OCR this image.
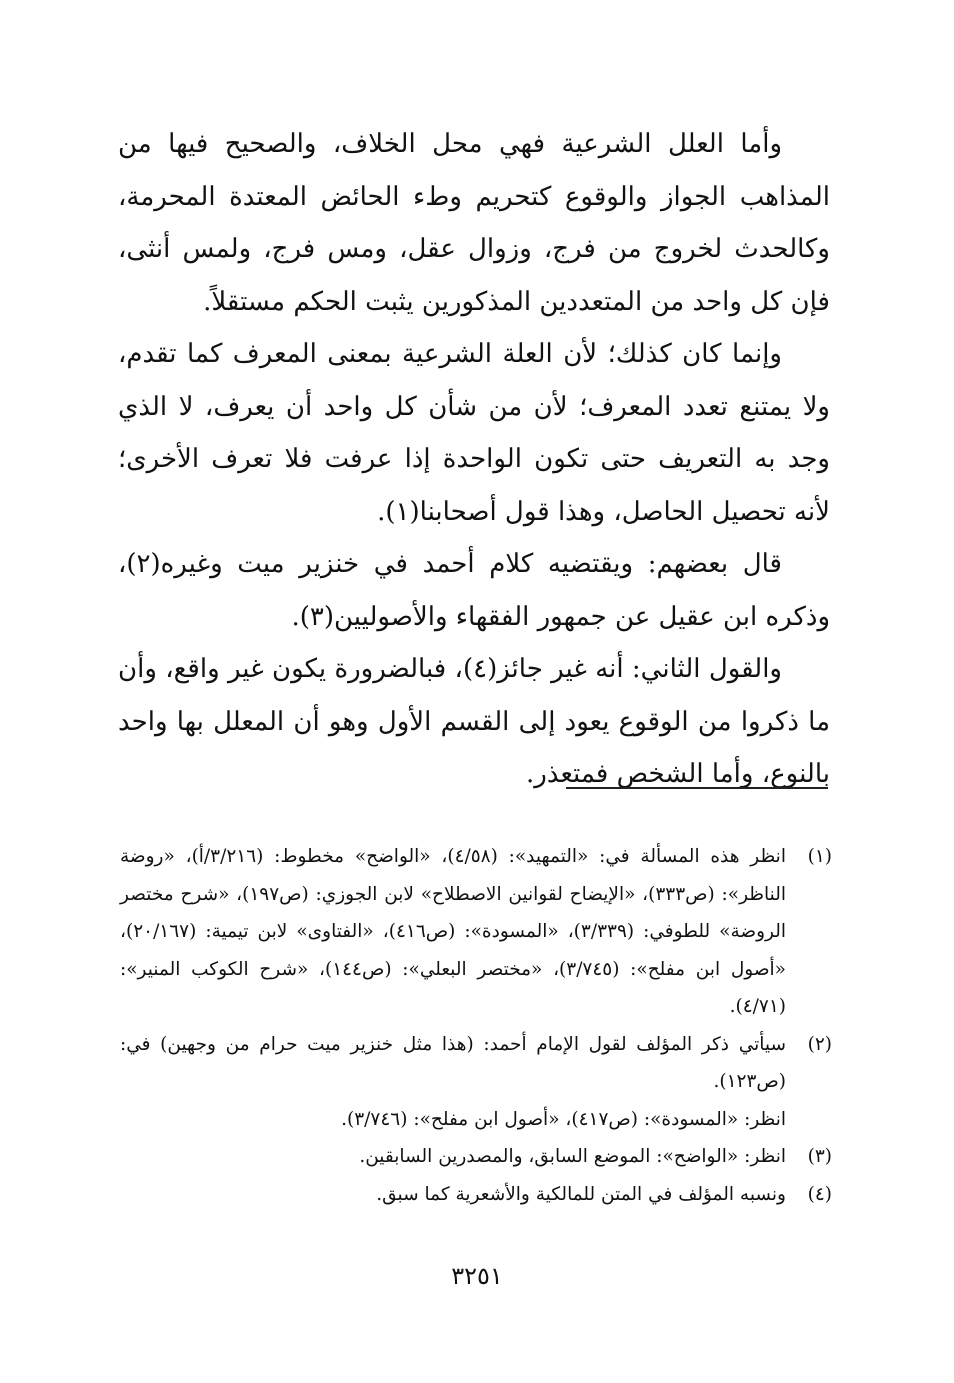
وأما العلل الشرعية فهي محل الخلاف، والصحيح فيها من المذاهب الجواز والوقوع كتحريم وطء الحائض المعتدة المحرمة، وكالحدث لخروج من فرج، وزوال عقل، ومس فرج، ولمس أنثى، فإن كل واحد من المتعددين المذكورين يثبت الحكم مستقلاً.

وإنما كان كذلك؛ لأن العلة الشرعية بمعنى المعرف كما تقدم، ولا يمتنع تعدد المعرف؛ لأن من شأن كل واحد أن يعرف، لا الذي وجد به التعريف حتى تكون الواحدة إذا عرفت فلا تعرف الأخرى؛ لأنه تحصيل الحاصل، وهذا قول أصحابنا(١).

قال بعضهم: ويقتضيه كلام أحمد في خنزير ميت وغيره(٢)، وذكره ابن عقيل عن جمهور الفقهاء والأصوليين(٣).

والقول الثاني: أنه غير جائز(٤)، فبالضرورة يكون غير واقع، وأن ما ذكروا من الوقوع يعود إلى القسم الأول وهو أن المعلل بها واحد بالنوع، وأما الشخص فمتعذر.

(١)
انظر هذه المسألة في: «التمهيد»: (٤/٥٨)، «الواضح» مخطوط: (٣/٢١٦/أ)، «روضة الناظر»: (ص٣٣٣)، «الإيضاح لقوانين الاصطلاح» لابن الجوزي: (ص١٩٧)، «شرح مختصر الروضة» للطوفي: (٣/٣٣٩)، «المسودة»: (ص٤١٦)، «الفتاوى» لابن تيمية: (٢٠/١٦٧)، «أصول ابن مفلح»: (٣/٧٤٥)، «مختصر البعلي»: (ص١٤٤)، «شرح الكوكب المنير»: (٤/٧١).
(٢)
سيأتي ذكر المؤلف لقول الإمام أحمد: (هذا مثل خنزير ميت حرام من وجهين) في: (ص١٢٣).
انظر: «المسودة»: (ص٤١٧)، «أصول ابن مفلح»: (٣/٧٤٦).
(٣)
انظر: «الواضح»: الموضع السابق، والمصدرين السابقين.
(٤)
ونسبه المؤلف في المتن للمالكية والأشعرية كما سبق.
٣٢٥١
